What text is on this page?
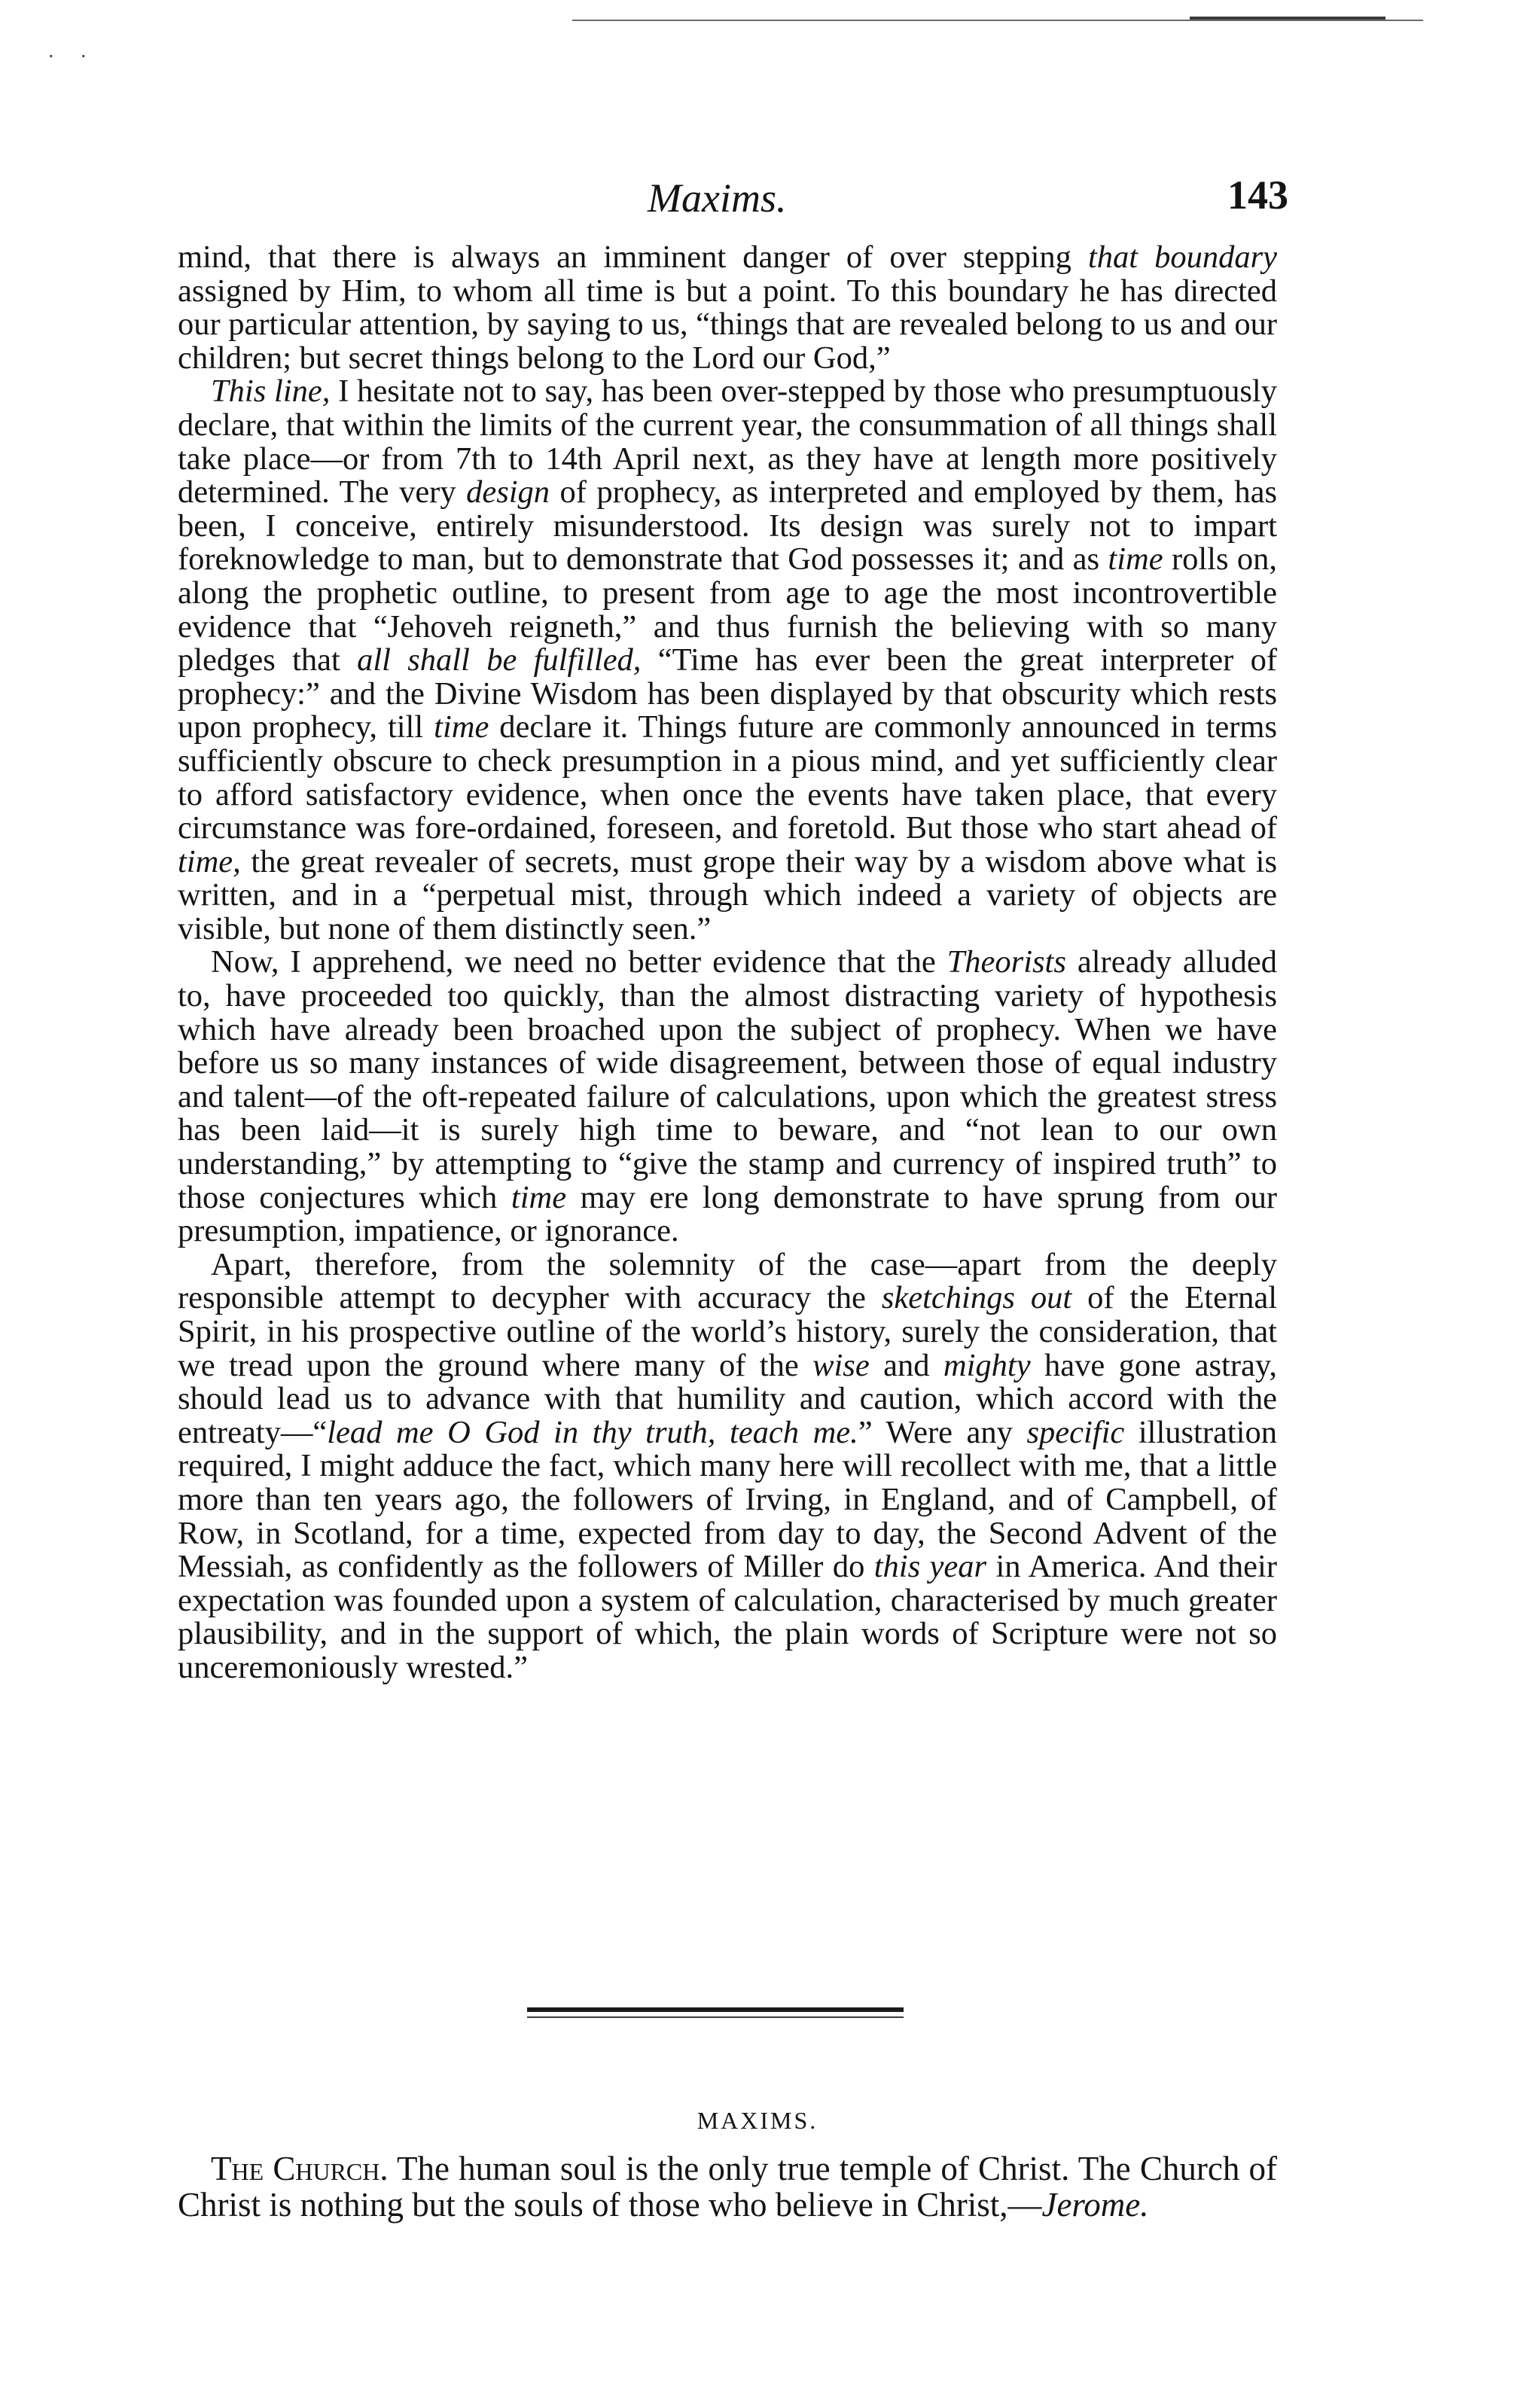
. .
Maxims.	143

mind, that there is always an imminent danger of over stepping that boundary assigned by Him, to whom all time is but a point. To this boundary he has directed our particular attention, by saying to us, “things that are revealed belong to us and our children; but secret things belong to the Lord our God,”

This line, I hesitate not to say, has been over-stepped by those who presumptuously declare, that within the limits of the current year, the consummation of all things shall take place—or from 7th to 14th April next, as they have at length more positively determined. The very design of prophecy, as interpreted and employed by them, has been, I conceive, entirely misunderstood. Its design was surely not to impart foreknowledge to man, but to demonstrate that God possesses it; and as time rolls on, along the prophetic outline, to present from age to age the most incontrovertible evidence that “Jehoveh reigneth,” and thus furnish the believing with so many pledges that all shall be fulfilled, “Time has ever been the great interpreter of prophecy:” and the Divine Wisdom has been displayed by that obscurity which rests upon prophecy, till time declare it. Things future are commonly announced in terms sufficiently obscure to check presumption in a pious mind, and yet sufficiently clear to afford satisfactory evidence, when once the events have taken place, that every circumstance was fore-ordained, foreseen, and foretold. But those who start ahead of time, the great revealer of secrets, must grope their way by a wisdom above what is written, and in a “perpetual mist, through which indeed a variety of objects are visible, but none of them distinctly seen.”

Now, I apprehend, we need no better evidence that the Theorists already alluded to, have proceeded too quickly, than the almost distracting variety of hypothesis which have already been broached upon the subject of prophecy. When we have before us so many instances of wide disagreement, between those of equal industry and talent—of the oft-repeated failure of calculations, upon which the greatest stress has been laid—it is surely high time to beware, and “not lean to our own understanding,” by attempting to “give the stamp and currency of inspired truth” to those conjectures which time may ere long demonstrate to have sprung from our presumption, impatience, or ignorance.

Apart, therefore, from the solemnity of the case—apart from the deeply responsible attempt to decypher with accuracy the sketchings out of the Eternal Spirit, in his prospective outline of the world’s history, surely the consideration, that we tread upon the ground where many of the wise and mighty have gone astray, should lead us to advance with that humility and caution, which accord with the entreaty—“lead me O God in thy truth, teach me.” Were any specific illustration required, I might adduce the fact, which many here will recollect with me, that a little more than ten years ago, the followers of Irving, in England, and of Campbell, of Row, in Scotland, for a time, expected from day to day, the Second Advent of the Messiah, as confidently as the followers of Miller do this year in America. And their expectation was founded upon a system of calculation, characterised by much greater plausibility, and in the support of which, the plain words of Scripture were not so unceremoniously wrested.”

MAXIMS.

The Church. The human soul is the only true temple of Christ. The Church of Christ is nothing but the souls of those who believe in Christ,—Jerome.
